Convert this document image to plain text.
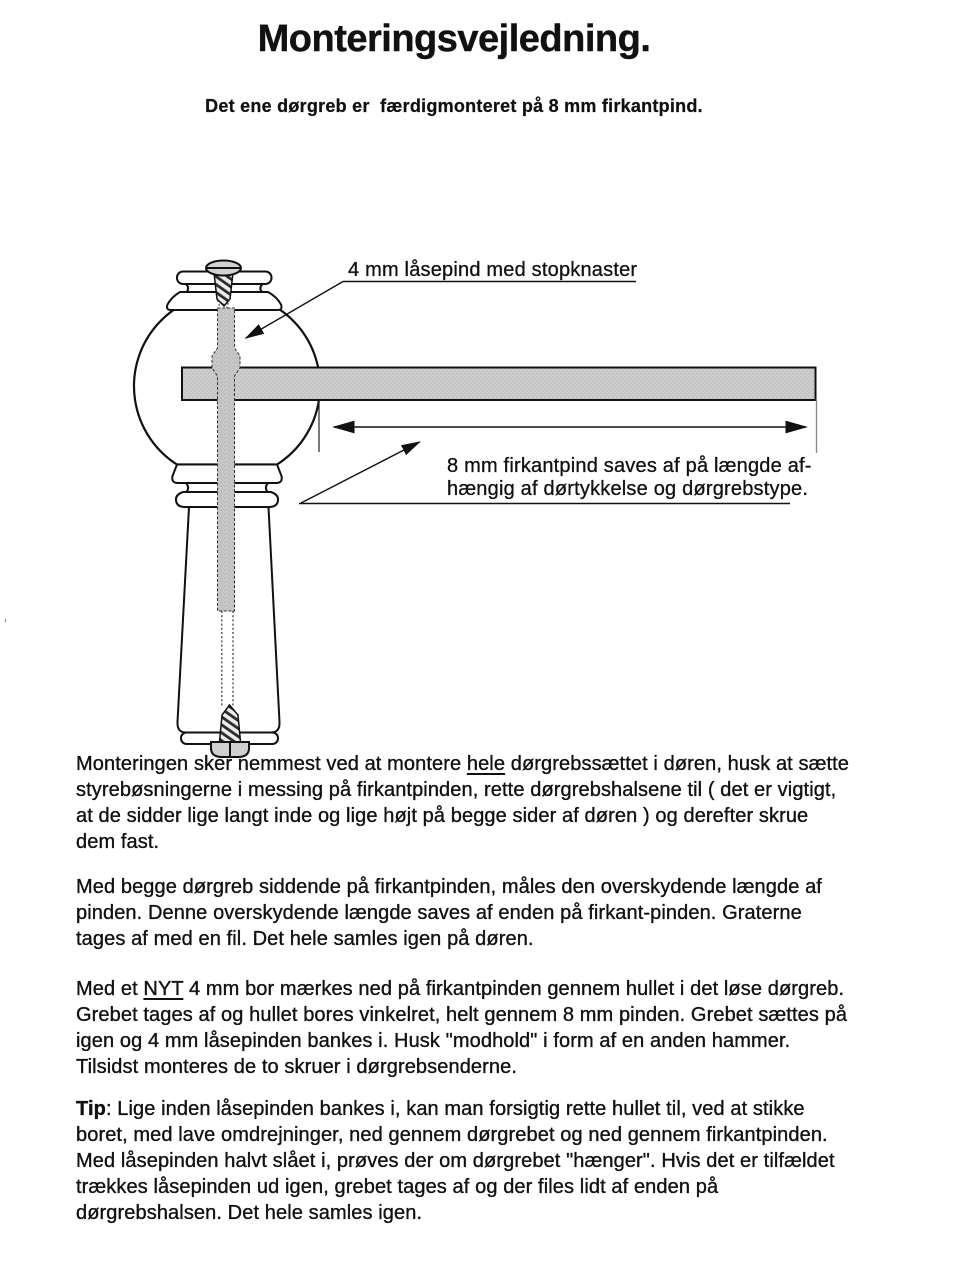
Monteringsvejledning.
Det ene dørgreb er  færdigmonteret på 8 mm firkantpind.
4 mm låsepind med stopknaster
8 mm firkantpind saves af på længde af-
hængig af dørtykkelse og dørgrebstype.
Monteringen sker nemmest ved at montere hele dørgrebssættet i døren, husk at sætte
styrebøsningerne i messing på firkantpinden, rette dørgrebshalsene til ( det er vigtigt,
at de sidder lige langt inde og lige højt på begge sider af døren ) og derefter skrue
dem fast.
Med begge dørgreb siddende på firkantpinden, måles den overskydende længde af
pinden. Denne overskydende længde saves af enden på firkant-pinden. Graterne
tages af med en fil. Det hele samles igen på døren.
Med et NYT 4 mm bor mærkes ned på firkantpinden gennem hullet i det løse dørgreb.
Grebet tages af og hullet bores vinkelret, helt gennem 8 mm pinden. Grebet sættes på
igen og 4 mm låsepinden bankes i. Husk "modhold" i form af en anden hammer.
Tilsidst monteres de to skruer i dørgrebsenderne.
Tip: Lige inden låsepinden bankes i, kan man forsigtig rette hullet til, ved at stikke
boret, med lave omdrejninger, ned gennem dørgrebet og ned gennem firkantpinden.
Med låsepinden halvt slået i, prøves der om dørgrebet "hænger". Hvis det er tilfældet
trækkes låsepinden ud igen, grebet tages af og der files lidt af enden på
dørgrebshalsen. Det hele samles igen.
'
